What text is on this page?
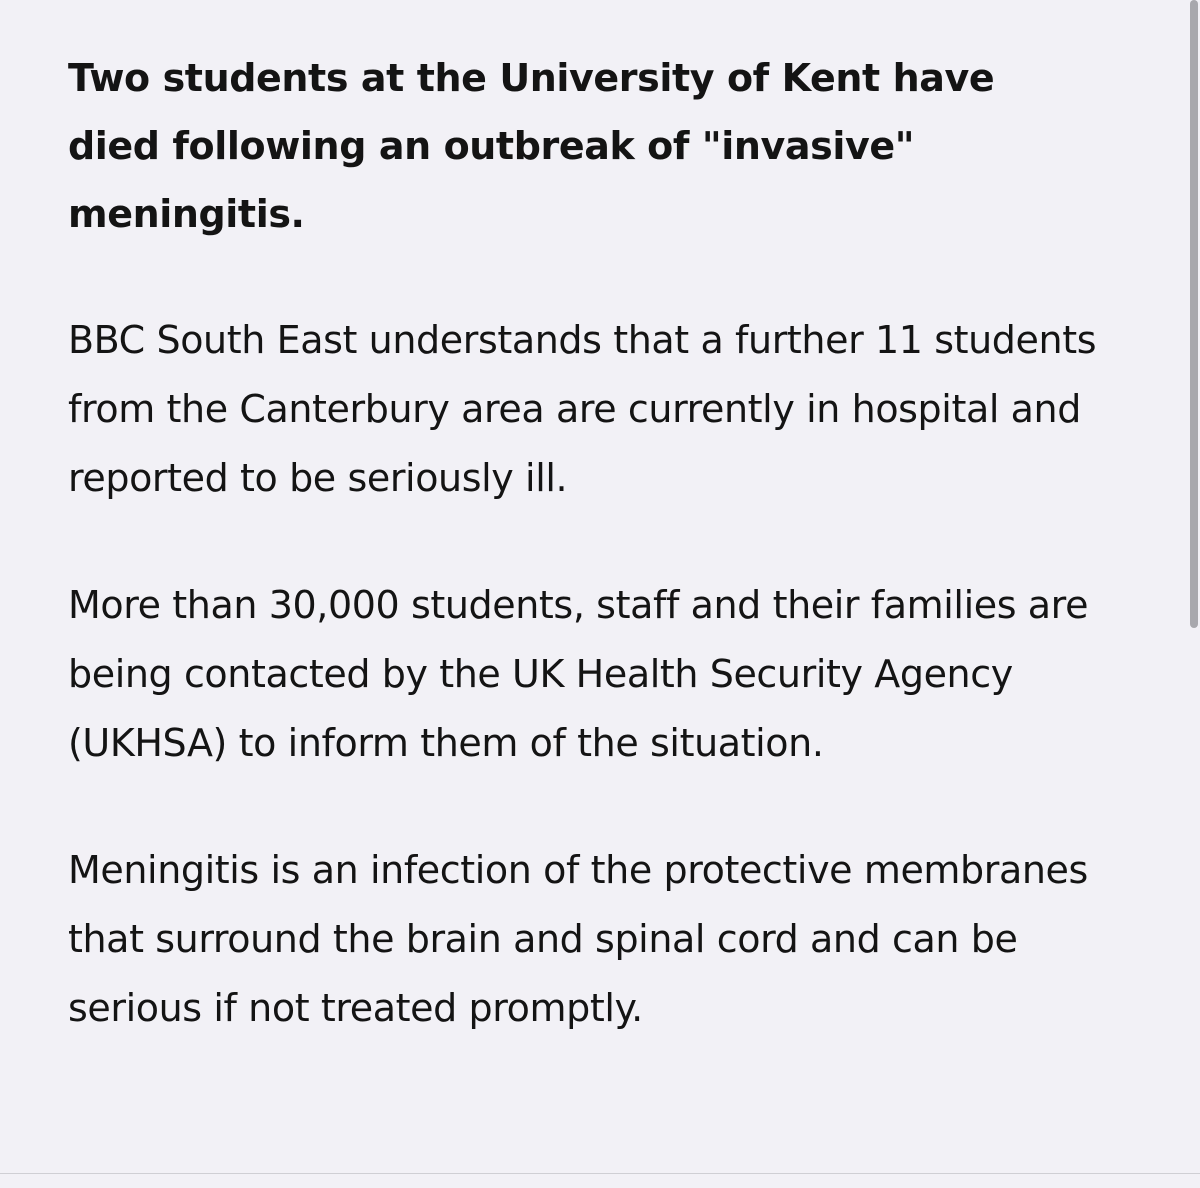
Two students at the University of Kent have died following an outbreak of "invasive" meningitis.

BBC South East understands that a further 11 students from the Canterbury area are currently in hospital and reported to be seriously ill.

More than 30,000 students, staff and their families are being contacted by the UK Health Security Agency (UKHSA) to inform them of the situation.

Meningitis is an infection of the protective membranes that surround the brain and spinal cord and can be serious if not treated promptly.
